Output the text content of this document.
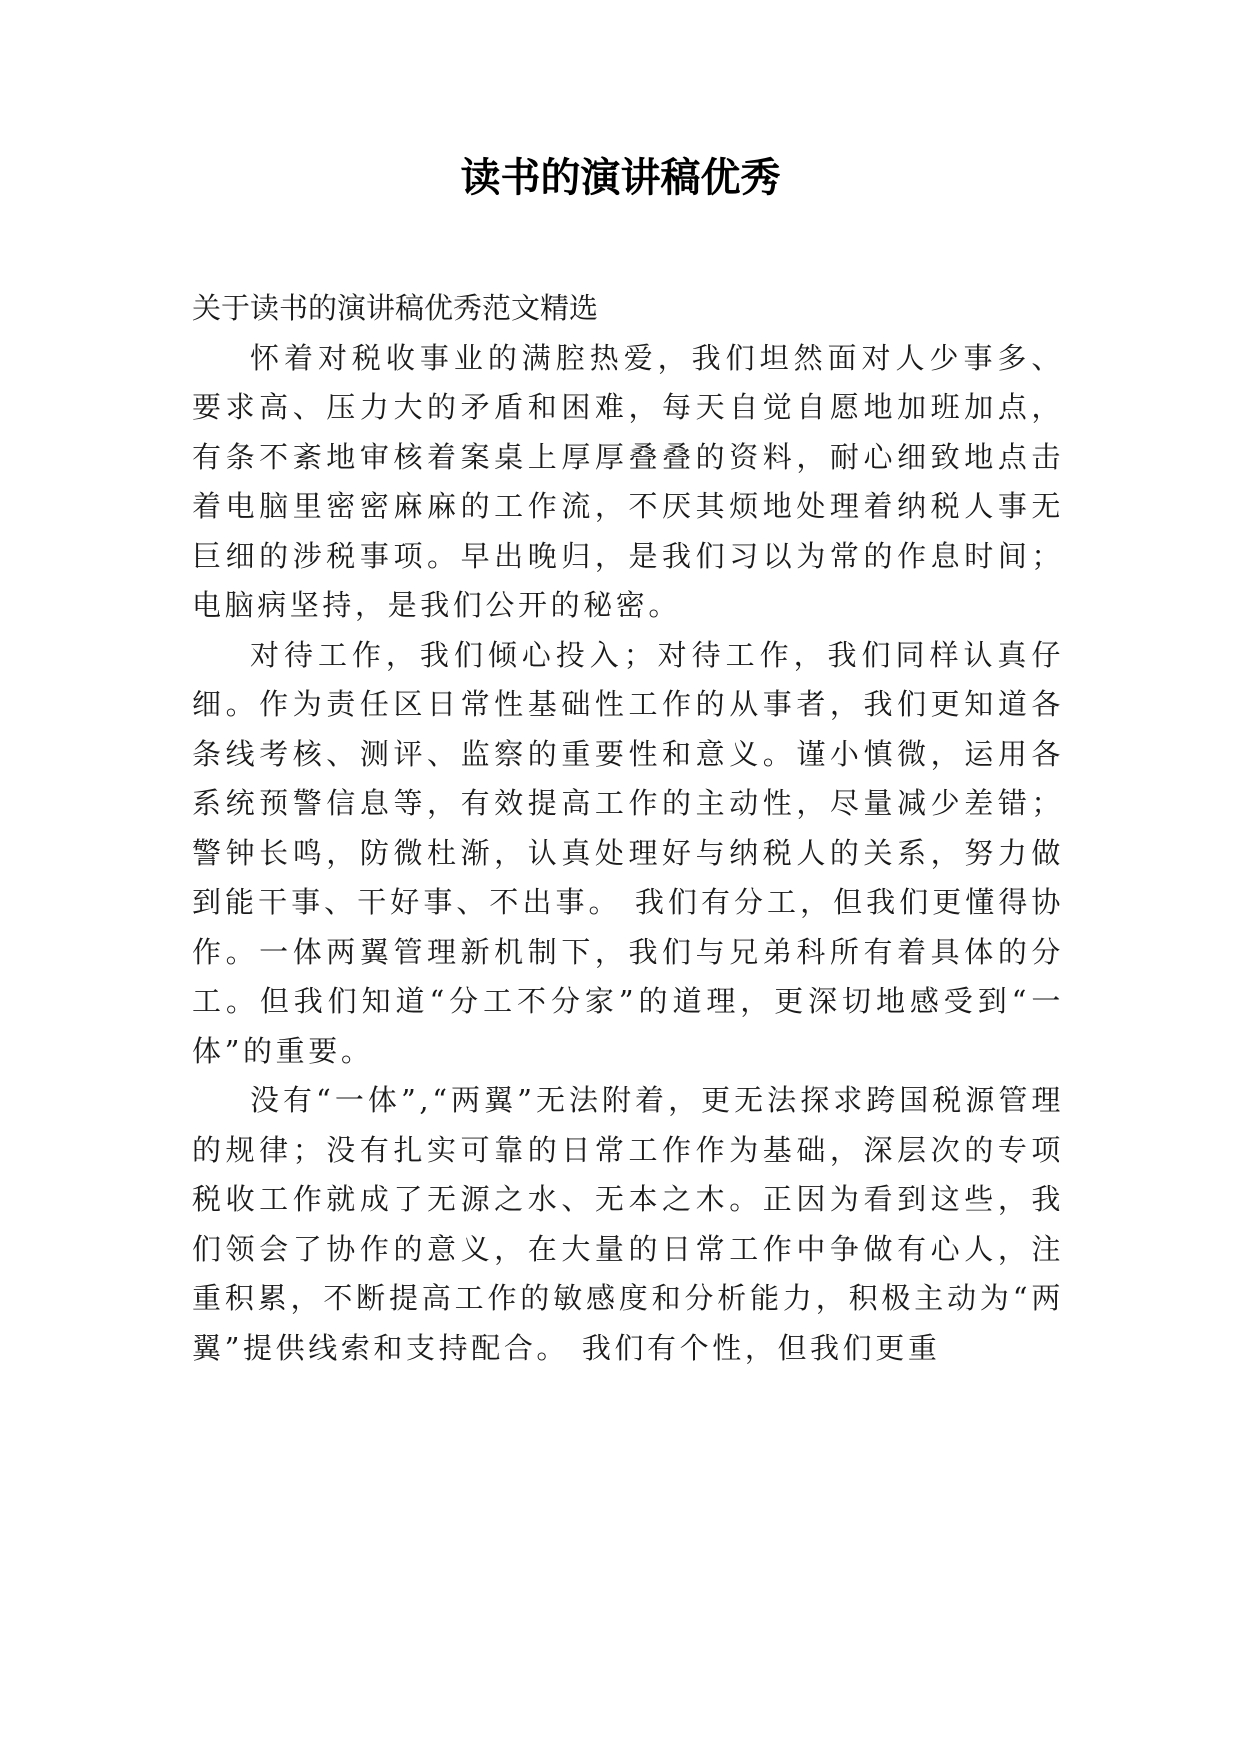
读书的演讲稿优秀

关于读书的演讲稿优秀范文精选

怀着对税收事业的满腔热爱，我们坦然面对人少事多、要求高、压力大的矛盾和困难，每天自觉自愿地加班加点，有条不紊地审核着案桌上厚厚叠叠的资料，耐心细致地点击着电脑里密密麻麻的工作流，不厌其烦地处理着纳税人事无巨细的涉税事项。早出晚归，是我们习以为常的作息时间；电脑病坚持，是我们公开的秘密。

对待工作，我们倾心投入；对待工作，我们同样认真仔细。作为责任区日常性基础性工作的从事者，我们更知道各条线考核、测评、监察的重要性和意义。谨小慎微，运用各系统预警信息等，有效提高工作的主动性，尽量减少差错；警钟长鸣，防微杜渐，认真处理好与纳税人的关系，努力做到能干事、干好事、不出事。 我们有分工，但我们更懂得协作。一体两翼管理新机制下，我们与兄弟科所有着具体的分工。但我们知道“分工不分家”的道理，更深切地感受到“一体”的重要。

没有“一体”,“两翼”无法附着，更无法探求跨国税源管理的规律；没有扎实可靠的日常工作作为基础，深层次的专项税收工作就成了无源之水、无本之木。正因为看到这些，我们领会了协作的意义，在大量的日常工作中争做有心人，注重积累，不断提高工作的敏感度和分析能力，积极主动为“两翼”提供线索和支持配合。 我们有个性，但我们更重
